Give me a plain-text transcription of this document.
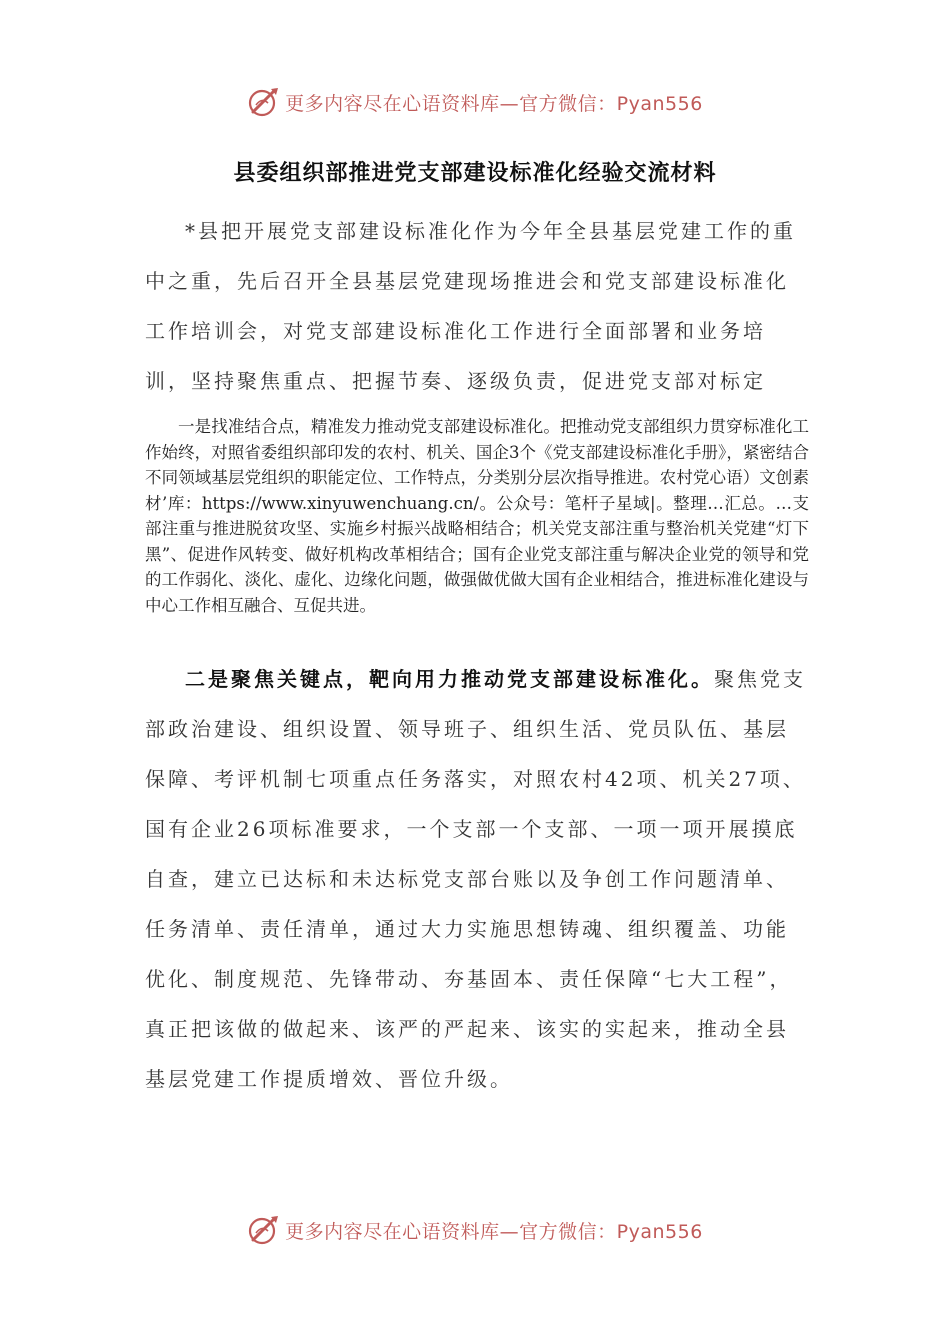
更多内容尽在心语资料库—官方微信：Pyan556
县委组织部推进党支部建设标准化经验交流材料

*县把开展党支部建设标准化作为今年全县基层党建工作的重中之重，先后召开全县基层党建现场推进会和党支部建设标准化工作培训会，对党支部建设标准化工作进行全面部署和业务培训，坚持聚焦重点、把握节奏、逐级负责，促进党支部对标定

一是找准结合点，精准发力推动党支部建设标准化。把推动党支部组织力贯穿标准化工作始终，对照省委组织部印发的农村、机关、国企3个《党支部建设标准化手册》，紧密结合不同领域基层党组织的职能定位、工作特点，分类别分层次指导推进。农村党心语）文创素材’库：https://www.xinyuwenchuang.cn/。公众号：笔杆子星域|。整理…汇总。…支部注重与推进脱贫攻坚、实施乡村振兴战略相结合；机关党支部注重与整治机关党建“灯下黑”、促进作风转变、做好机构改革相结合；国有企业党支部注重与解决企业党的领导和党的工作弱化、淡化、虚化、边缘化问题，做强做优做大国有企业相结合，推进标准化建设与中心工作相互融合、互促共进。

二是聚焦关键点，靶向用力推动党支部建设标准化。聚焦党支部政治建设、组织设置、领导班子、组织生活、党员队伍、基层保障、考评机制七项重点任务落实，对照农村42项、机关27项、国有企业26项标准要求，一个支部一个支部、一项一项开展摸底自查，建立已达标和未达标党支部台账以及争创工作问题清单、任务清单、责任清单，通过大力实施思想铸魂、组织覆盖、功能优化、制度规范、先锋带动、夯基固本、责任保障“七大工程”，真正把该做的做起来、该严的严起来、该实的实起来，推动全县基层党建工作提质增效、晋位升级。

更多内容尽在心语资料库—官方微信：Pyan556
